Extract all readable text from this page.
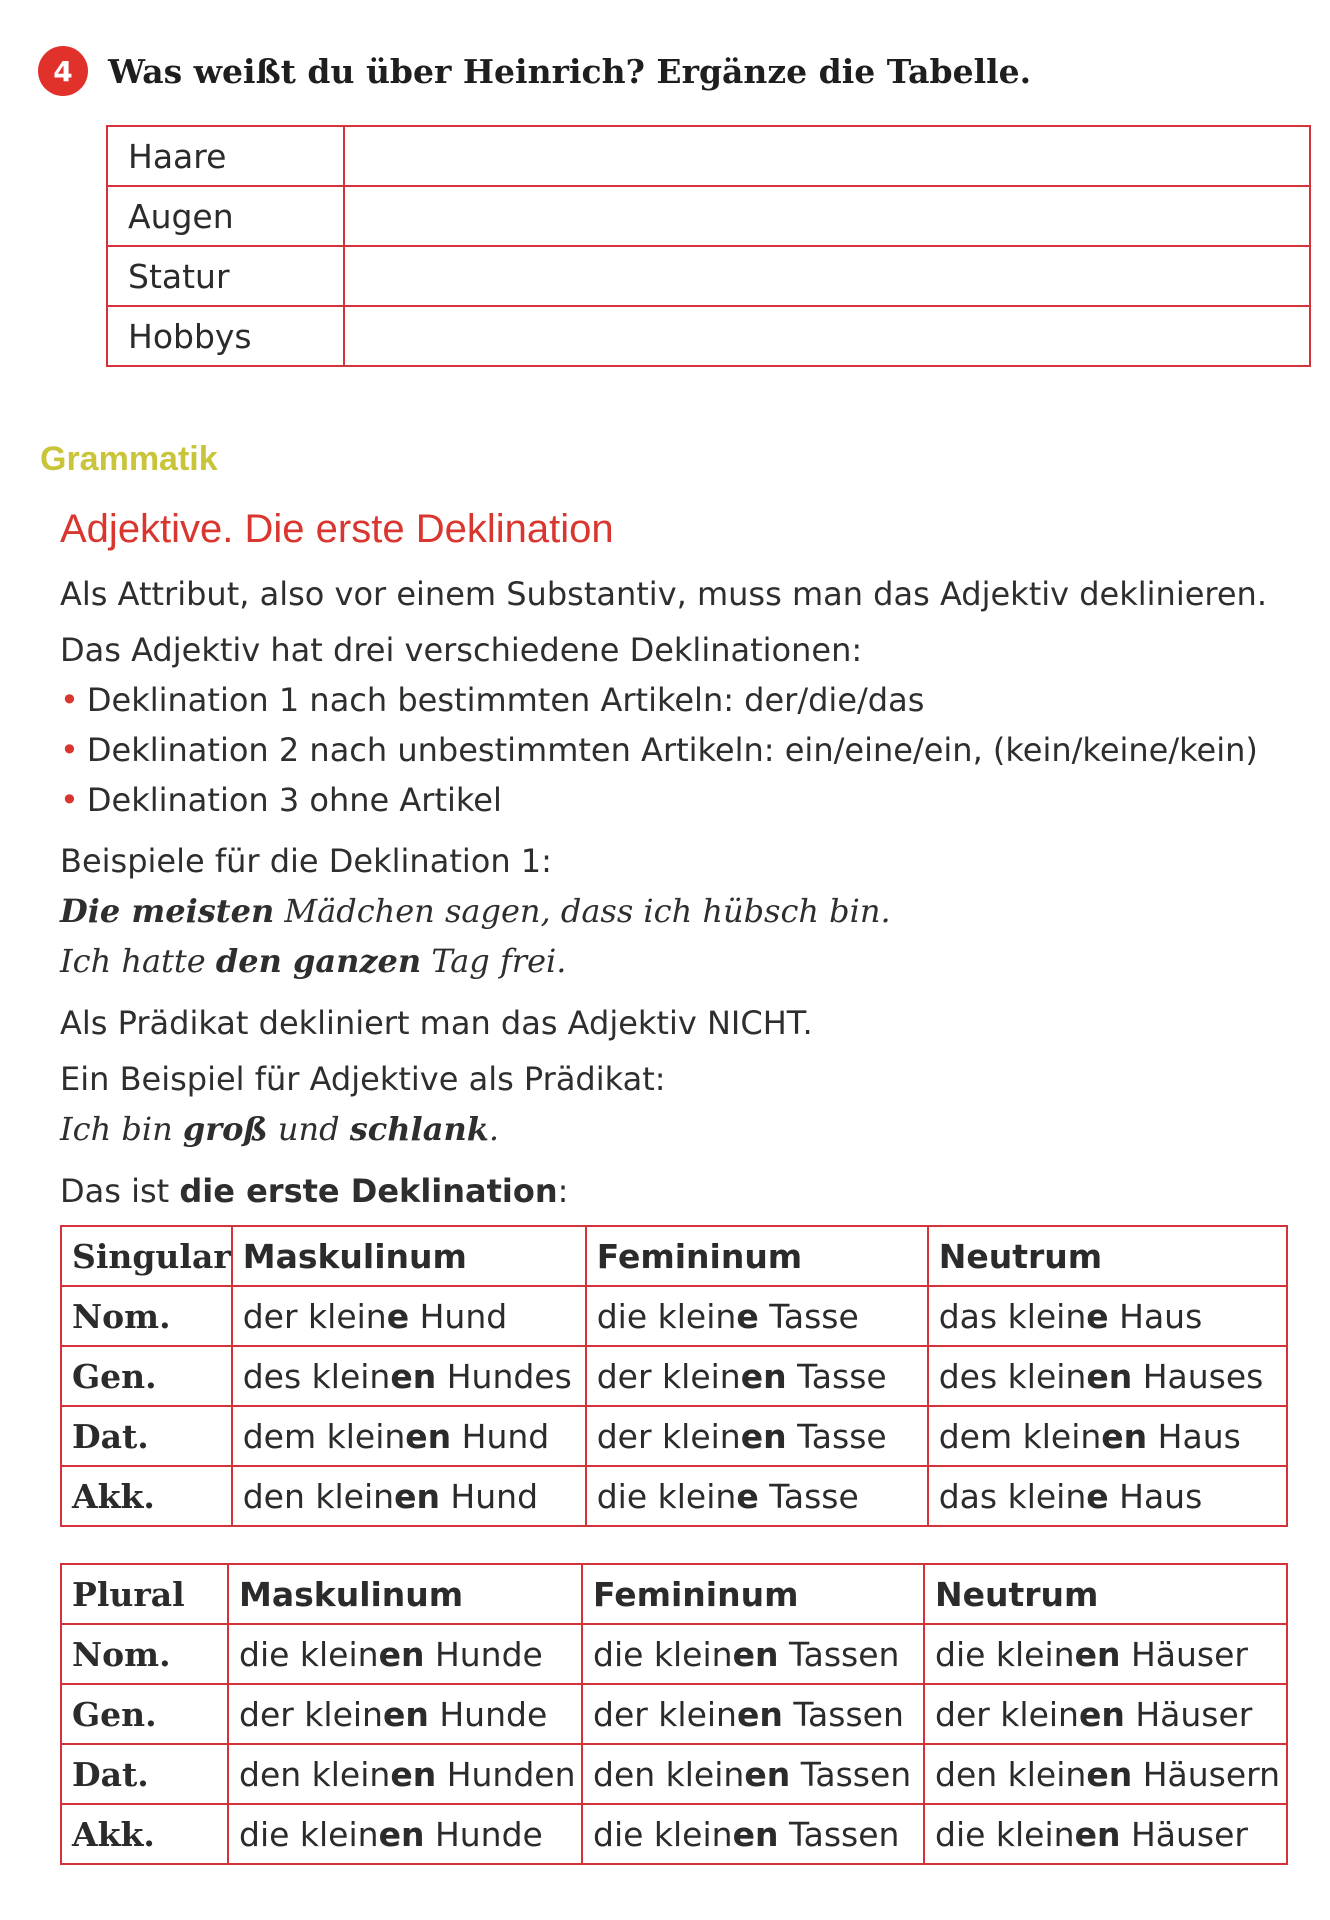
4	Was weißt du über Heinrich? Ergänze die Tabelle.
Haare	
Augen	
Statur	
Hobbys	
Grammatik
Adjektive. Die erste Deklination
Als Attribut, also vor einem Substantiv, muss man das Adjektiv deklinieren.
Das Adjektiv hat drei verschiedene Deklinationen:
• Deklination 1 nach bestimmten Artikeln: der/die/das
• Deklination 2 nach unbestimmten Artikeln: ein/eine/ein, (kein/keine/kein)
• Deklination 3 ohne Artikel
Beispiele für die Deklination 1:
Die meisten Mädchen sagen, dass ich hübsch bin.
Ich hatte den ganzen Tag frei.
Als Prädikat dekliniert man das Adjektiv NICHT.
Ein Beispiel für Adjektive als Prädikat:
Ich bin groß und schlank.
Das ist die erste Deklination:
Singular	Maskulinum	Femininum	Neutrum
Nom.	der kleine Hund	die kleine Tasse	das kleine Haus
Gen.	des kleinen Hundes	der kleinen Tasse	des kleinen Hauses
Dat.	dem kleinen Hund	der kleinen Tasse	dem kleinen Haus
Akk.	den kleinen Hund	die kleine Tasse	das kleine Haus
Plural	Maskulinum	Femininum	Neutrum
Nom.	die kleinen Hunde	die kleinen Tassen	die kleinen Häuser
Gen.	der kleinen Hunde	der kleinen Tassen	der kleinen Häuser
Dat.	den kleinen Hunden	den kleinen Tassen	den kleinen Häusern
Akk.	die kleinen Hunde	die kleinen Tassen	die kleinen Häuser
